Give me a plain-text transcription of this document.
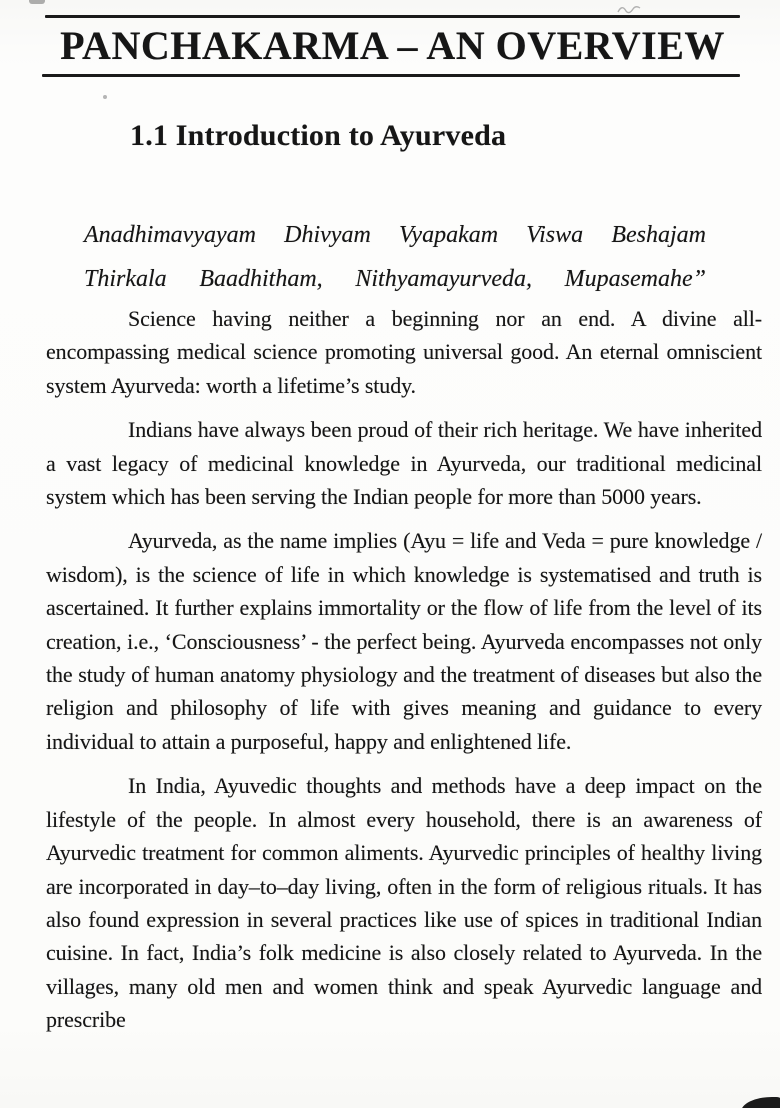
PANCHAKARMA – AN OVERVIEW
1.1 Introduction to Ayurveda
Anadhimavyayam Dhivyam Vyapakam Viswa Beshajam
Thirkala Baadhitham, Nithyamayurveda, Mupasemahe”

Science having neither a beginning nor an end. A divine all-encompassing medical science promoting universal good. An eternal omniscient system Ayurveda: worth a lifetime’s study.

Indians have always been proud of their rich heritage. We have inherited a vast legacy of medicinal knowledge in Ayurveda, our traditional medicinal system which has been serving the Indian people for more than 5000 years.

Ayurveda, as the name implies (Ayu = life and Veda = pure knowledge / wisdom), is the science of life in which knowledge is systematised and truth is ascertained. It further explains immortality or the flow of life from the level of its creation, i.e., ‘Consciousness’ - the perfect being. Ayurveda encompasses not only the study of human anatomy physiology and the treatment of diseases but also the religion and philosophy of life with gives meaning and guidance to every individual to attain a purposeful, happy and enlightened life.

In India, Ayuvedic thoughts and methods have a deep impact on the lifestyle of the people. In almost every household, there is an awareness of Ayurvedic treatment for common aliments. Ayurvedic principles of healthy living are incorporated in day–to–day living, often in the form of religious rituals. It has also found expression in several practices like use of spices in traditional Indian cuisine. In fact, India’s folk medicine is also closely related to Ayurveda. In the villages, many old men and women think and speak Ayurvedic language and prescribe
